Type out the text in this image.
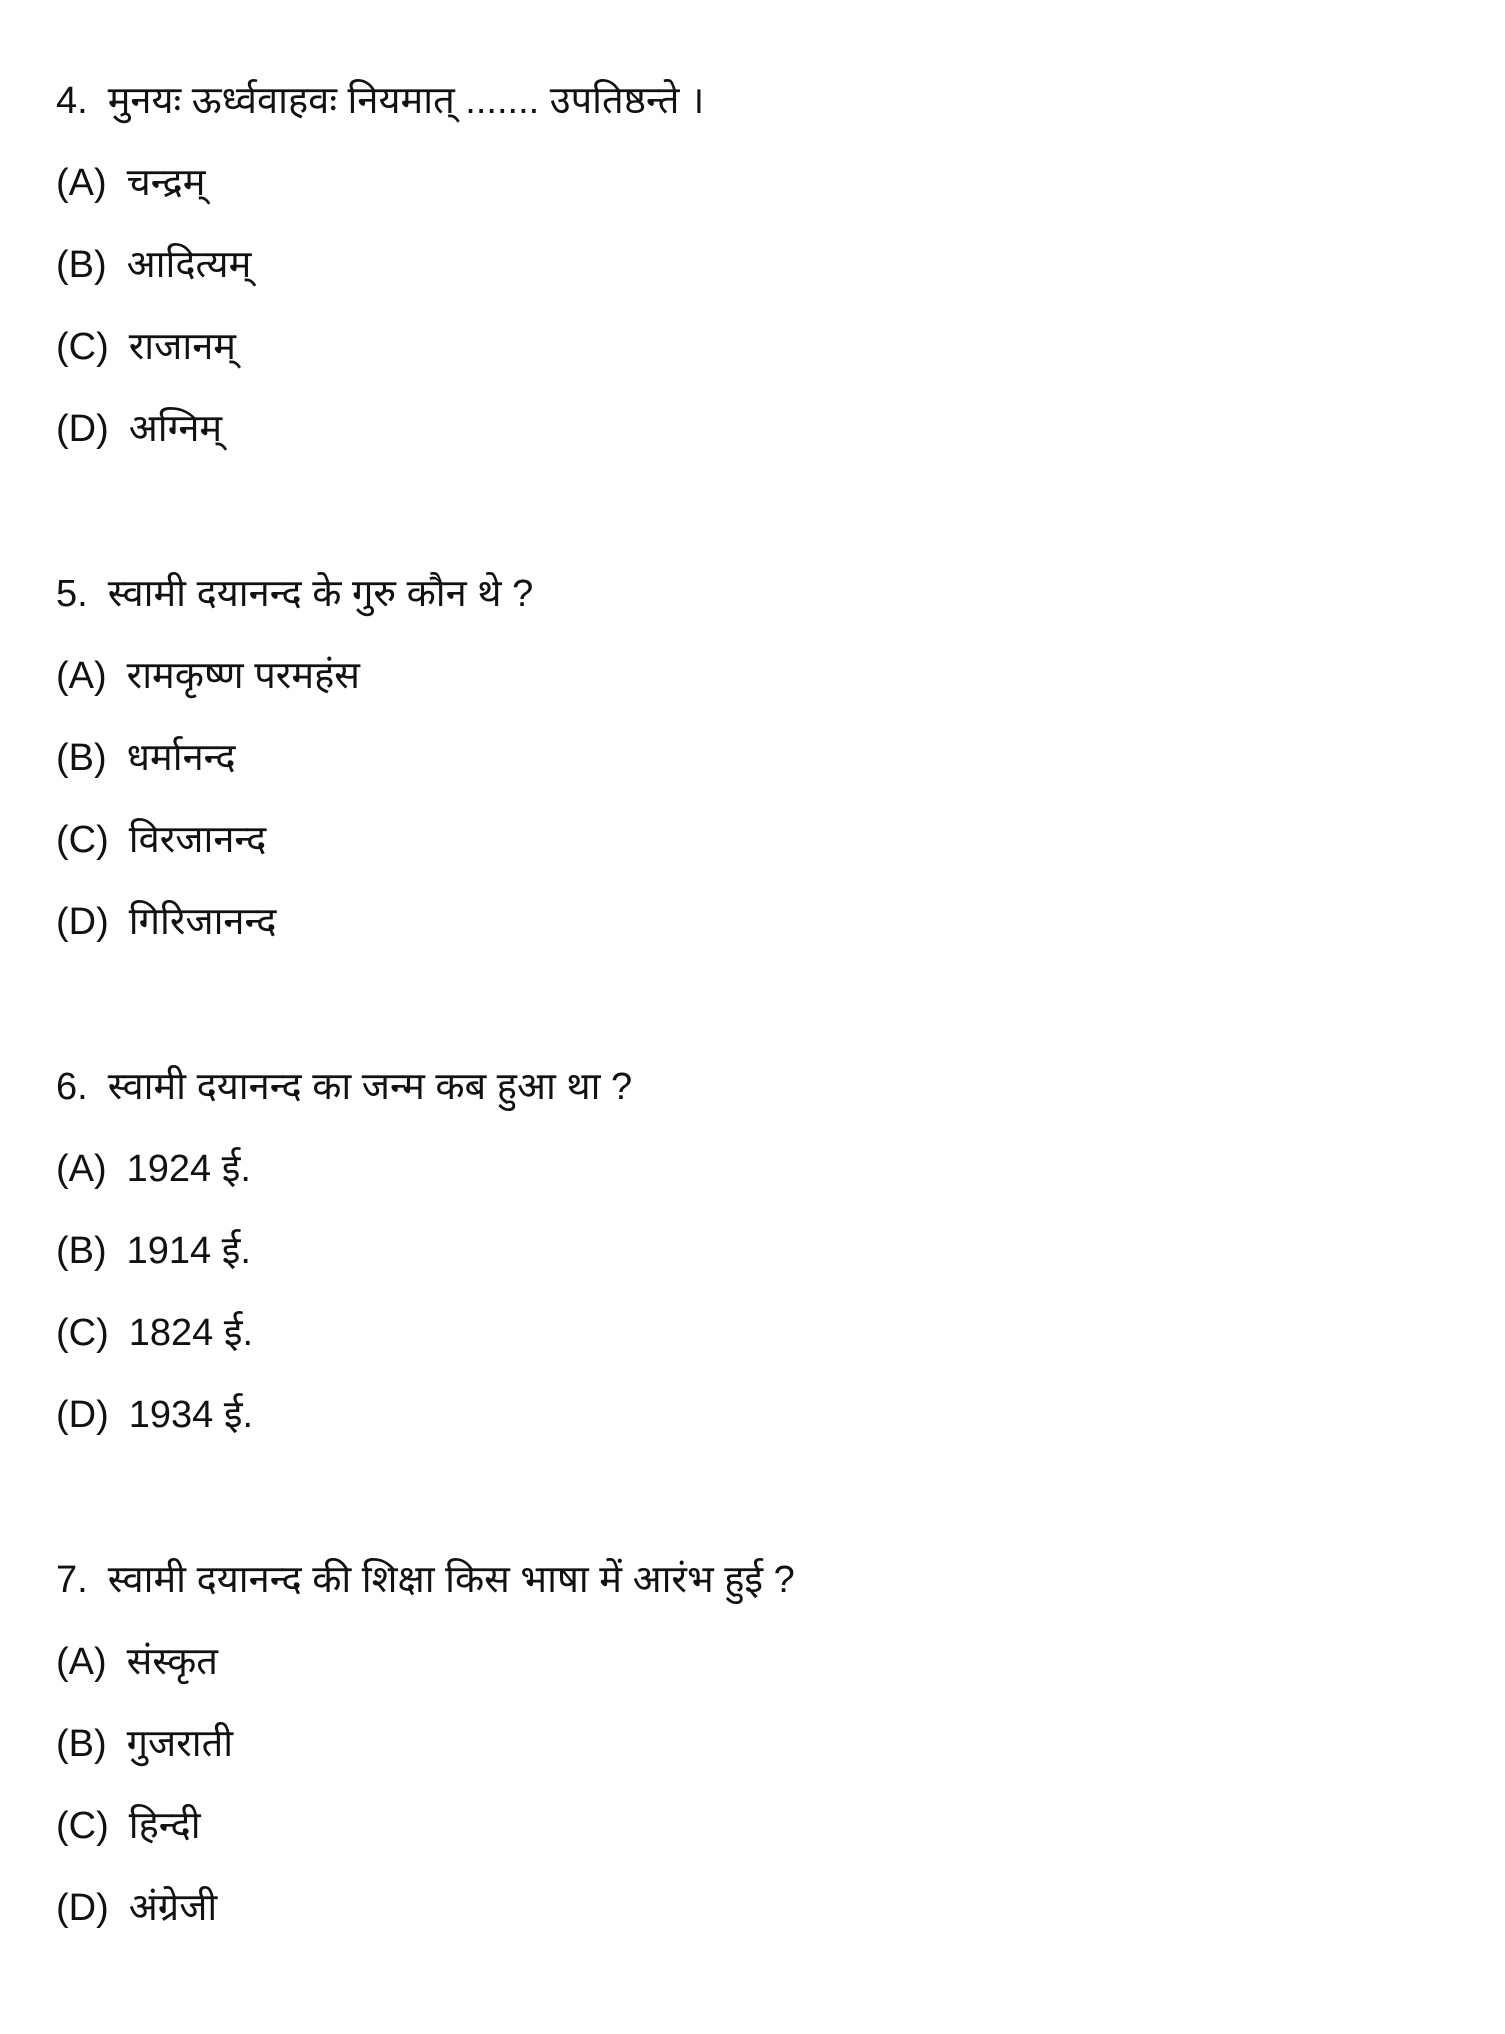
4. मुनयः ऊर्ध्ववाहवः नियमात् ....... उपतिष्ठन्ते ।
(A) चन्द्रम्
(B) आदित्यम्
(C) राजानम्
(D) अग्निम्
5. स्वामी दयानन्द के गुरु कौन थे ?
(A) रामकृष्ण परमहंस
(B) धर्मानन्द
(C) विरजानन्द
(D) गिरिजानन्द
6. स्वामी दयानन्द का जन्म कब हुआ था ?
(A) 1924 ई.
(B) 1914 ई.
(C) 1824 ई.
(D) 1934 ई.
7. स्वामी दयानन्द की शिक्षा किस भाषा में आरंभ हुई ?
(A) संस्कृत
(B) गुजराती
(C) हिन्दी
(D) अंग्रेजी
